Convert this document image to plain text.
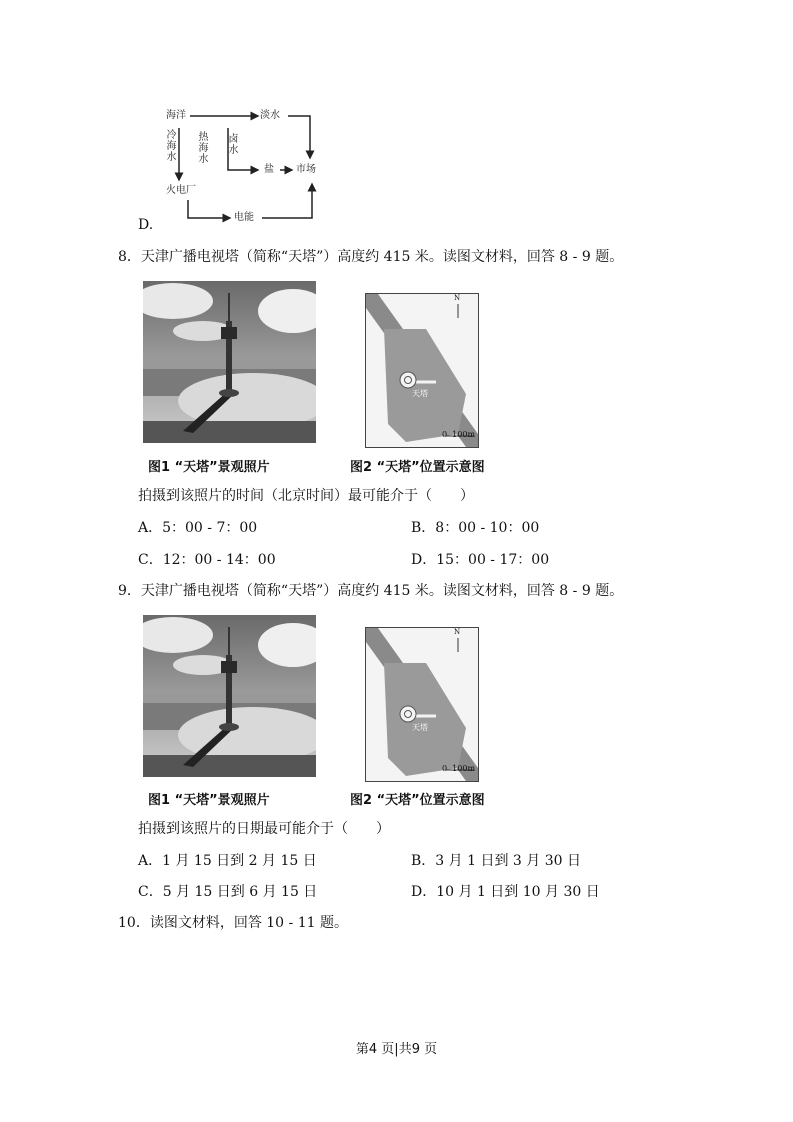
海洋
冷海水
热海水
卤水
淡水
盐 市场
火电厂
电能
D.
8．天津广播电视塔（简称“天塔”）高度约 415 米。读图文材料，回答 8 - 9 题。
N
天塔
0  100m
图1 “天塔”景观照片	图2 “天塔”位置示意图
拍摄到该照片的时间（北京时间）最可能介于（　　）
A．5：00 - 7：00	B．8：00 - 10：00
C．12：00 - 14：00	D．15：00 - 17：00
9．天津广播电视塔（简称“天塔”）高度约 415 米。读图文材料，回答 8 - 9 题。
N
天塔
0  100m
图1 “天塔”景观照片	图2 “天塔”位置示意图
拍摄到该照片的日期最可能介于（　　）
A．1 月 15 日到 2 月 15 日	B．3 月 1 日到 3 月 30 日
C．5 月 15 日到 6 月 15 日	D．10 月 1 日到 10 月 30 日
10．读图文材料，回答 10 - 11 题。
第4 页|共9 页
